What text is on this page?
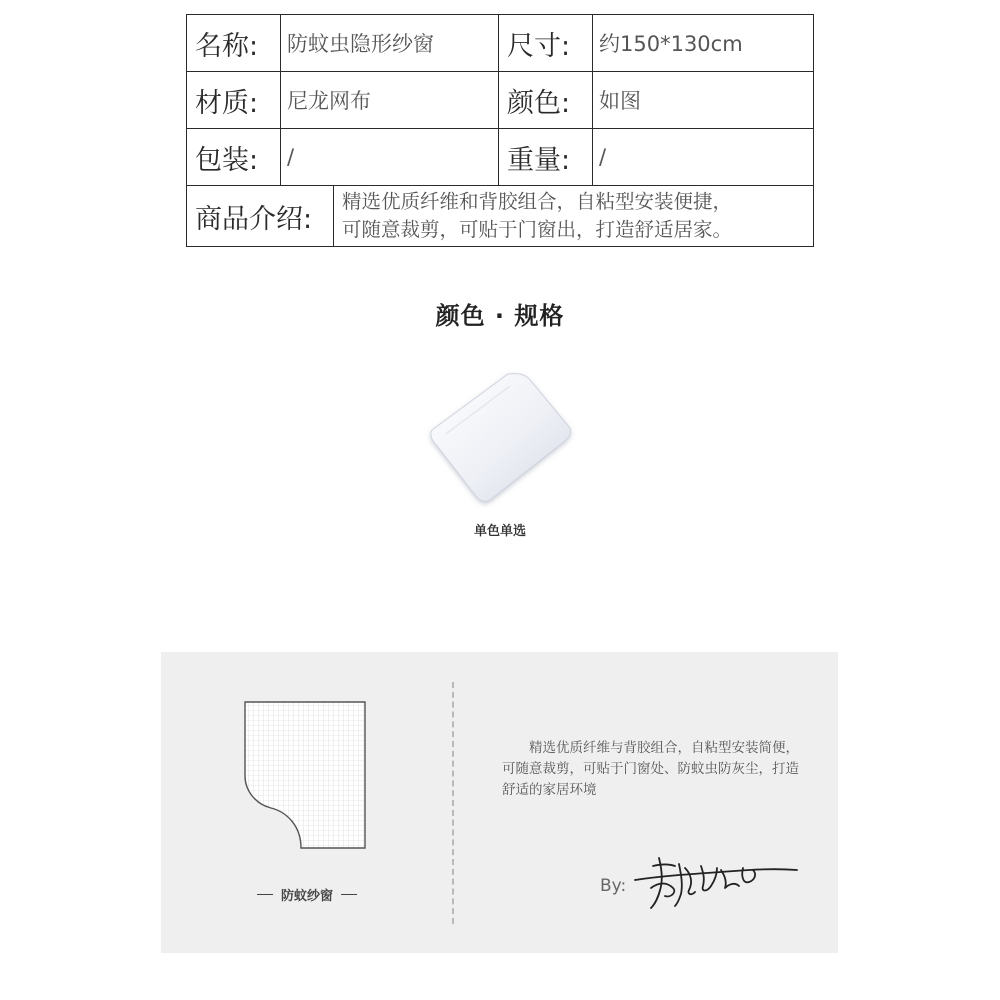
名称:	防蚊虫隐形纱窗	尺寸:	约150*130cm
材质:	尼龙网布	颜色:	如图
包装:	/	重量:	/

商品介绍:
精选优质纤维和背胶组合，自粘型安装便捷，
可随意裁剪，可贴于门窗出，打造舒适居家。			
颜色 · 规格
单色单选
防蚊纱窗
精选优质纤维与背胶组合，自粘型安装简便，可随意裁剪，可贴于门窗处、防蚊虫防灰尘，打造舒适的家居环境
By:
